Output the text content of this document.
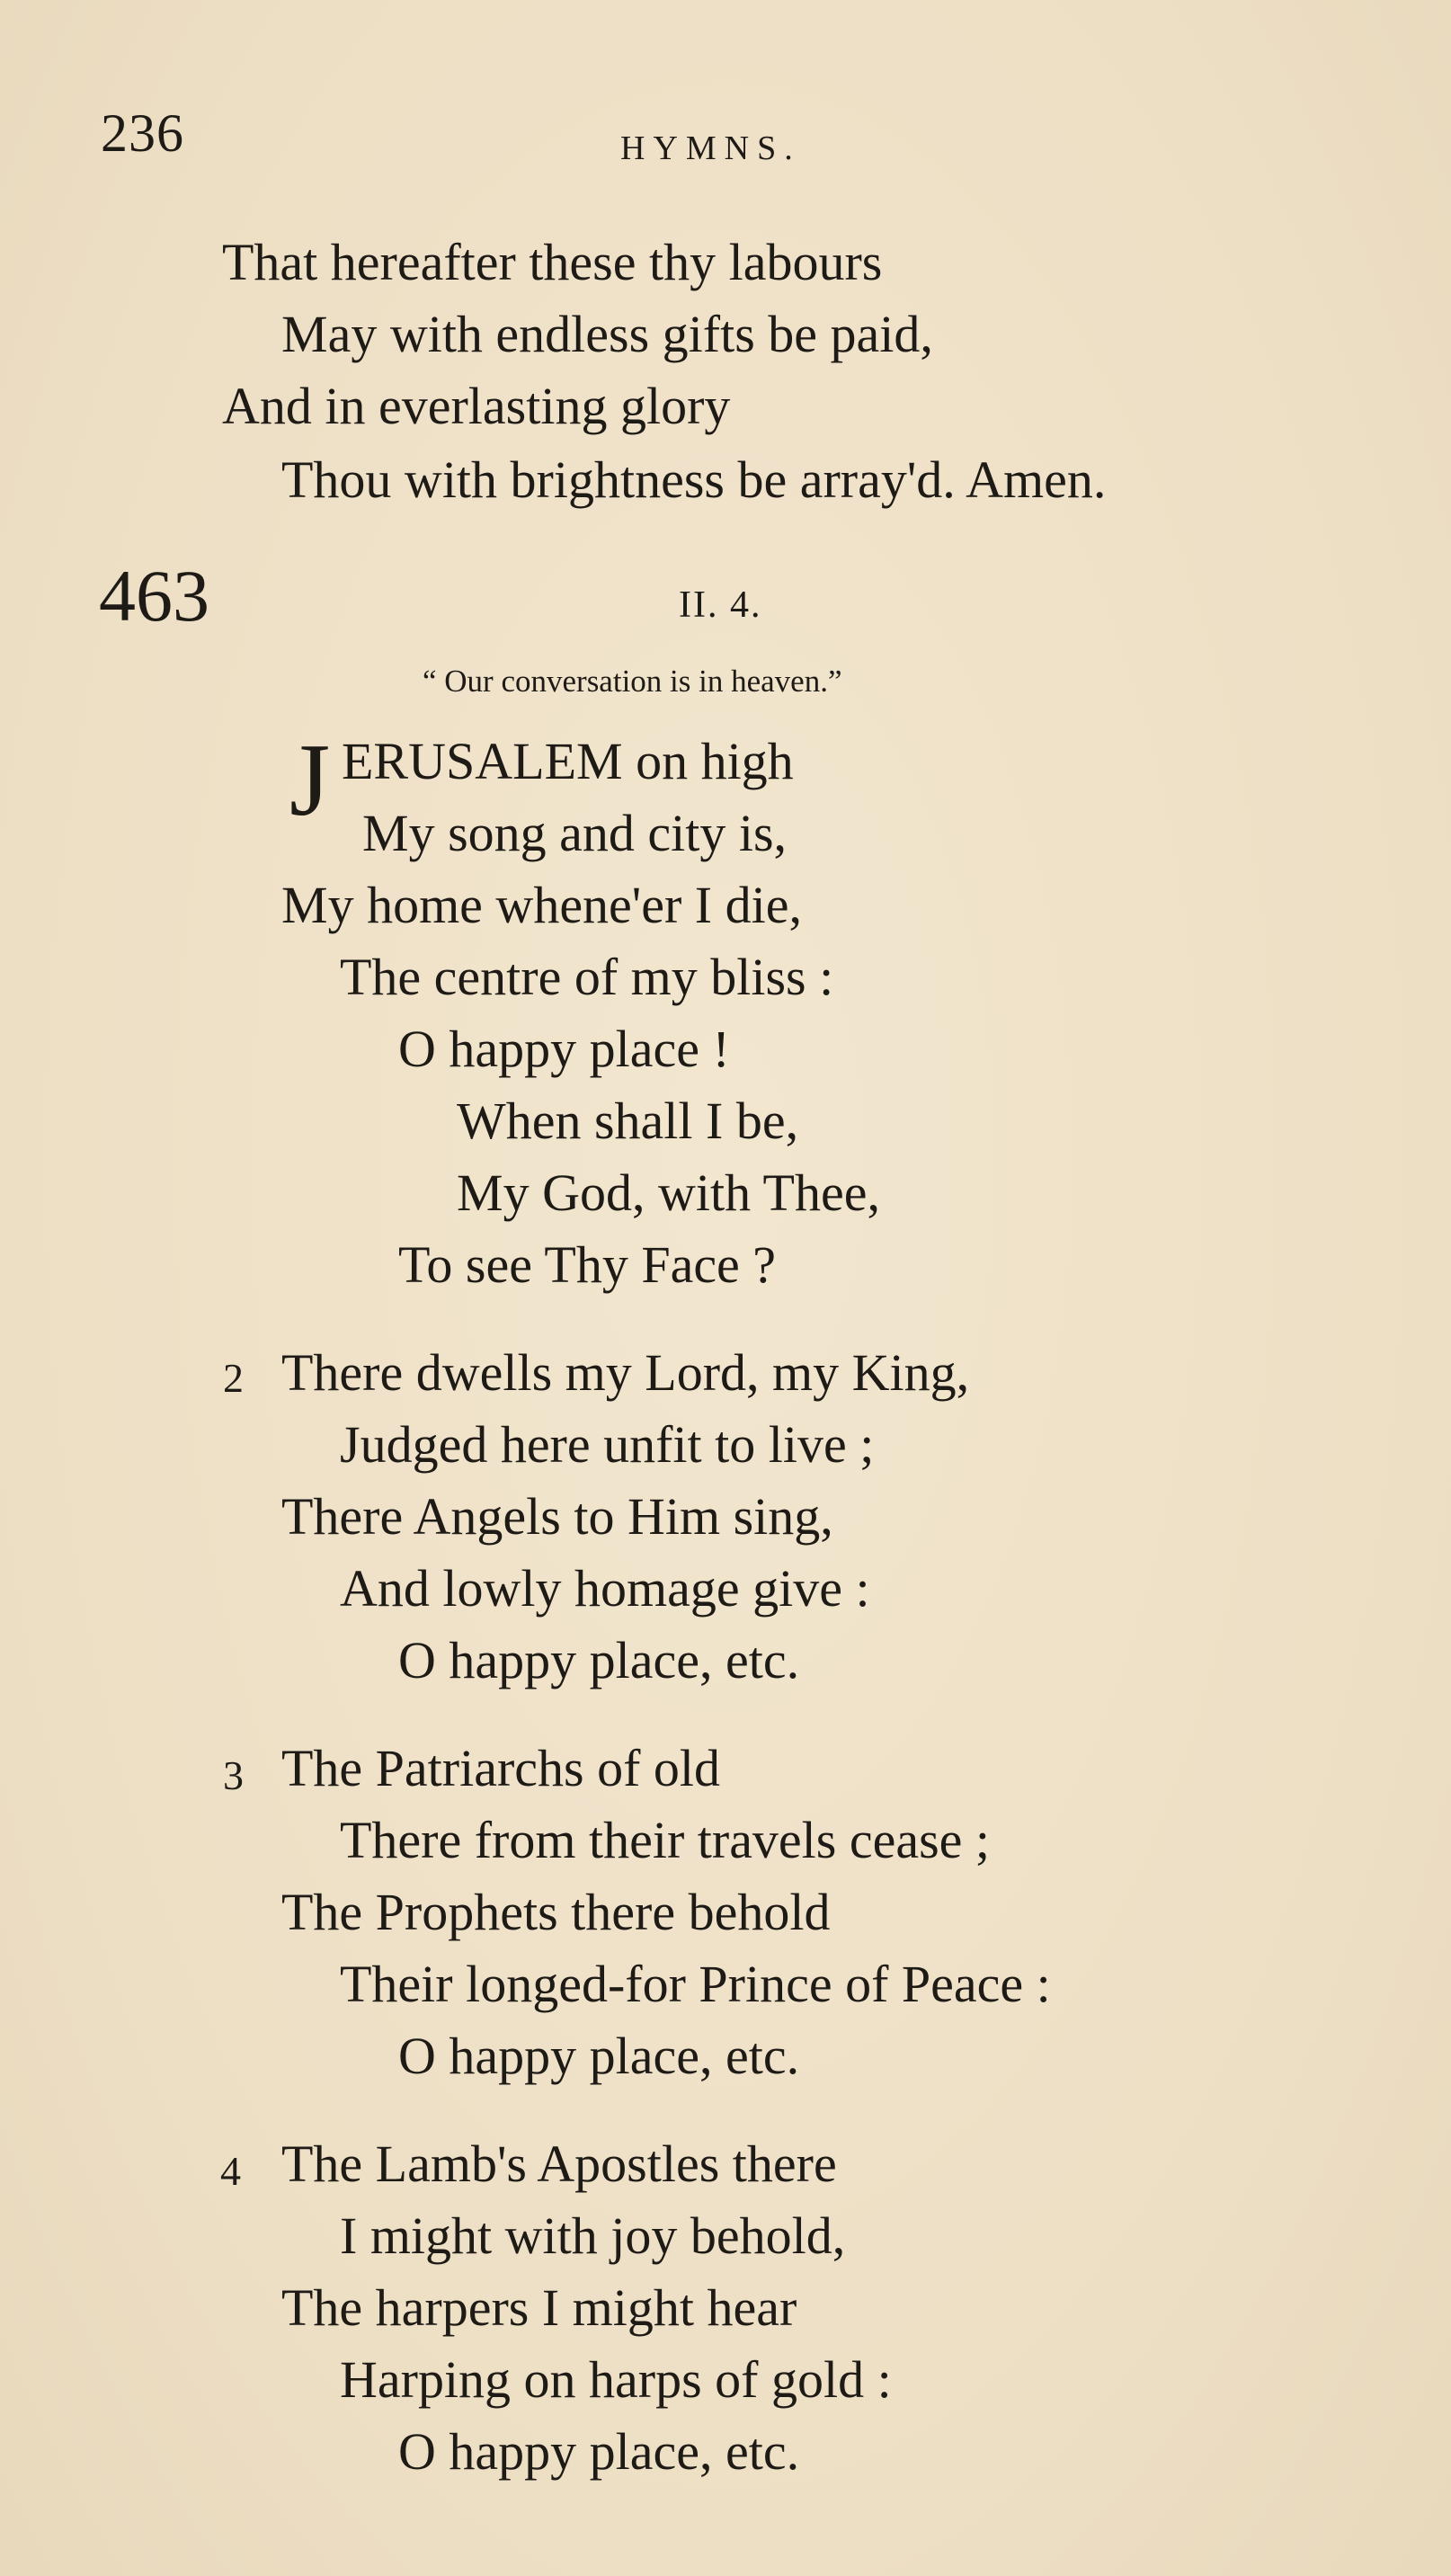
236	HYMNS.
That hereafter these thy labours
May with endless gifts be paid,
And in everlasting glory
Thou with brightness be array'd. Amen.
463	II. 4.
“ Our conversation is in heaven.”
J ERUSALEM on high
My song and city is,
My home whene'er I die,
The centre of my bliss :
O happy place !
When shall I be,
My God, with Thee,
To see Thy Face ?
2 There dwells my Lord, my King,
Judged here unfit to live ;
There Angels to Him sing,
And lowly homage give :
O happy place, etc.
3 The Patriarchs of old
There from their travels cease ;
The Prophets there behold
Their longed-for Prince of Peace :
O happy place, etc.
4 The Lamb's Apostles there
I might with joy behold,
The harpers I might hear
Harping on harps of gold :
O happy place, etc.
